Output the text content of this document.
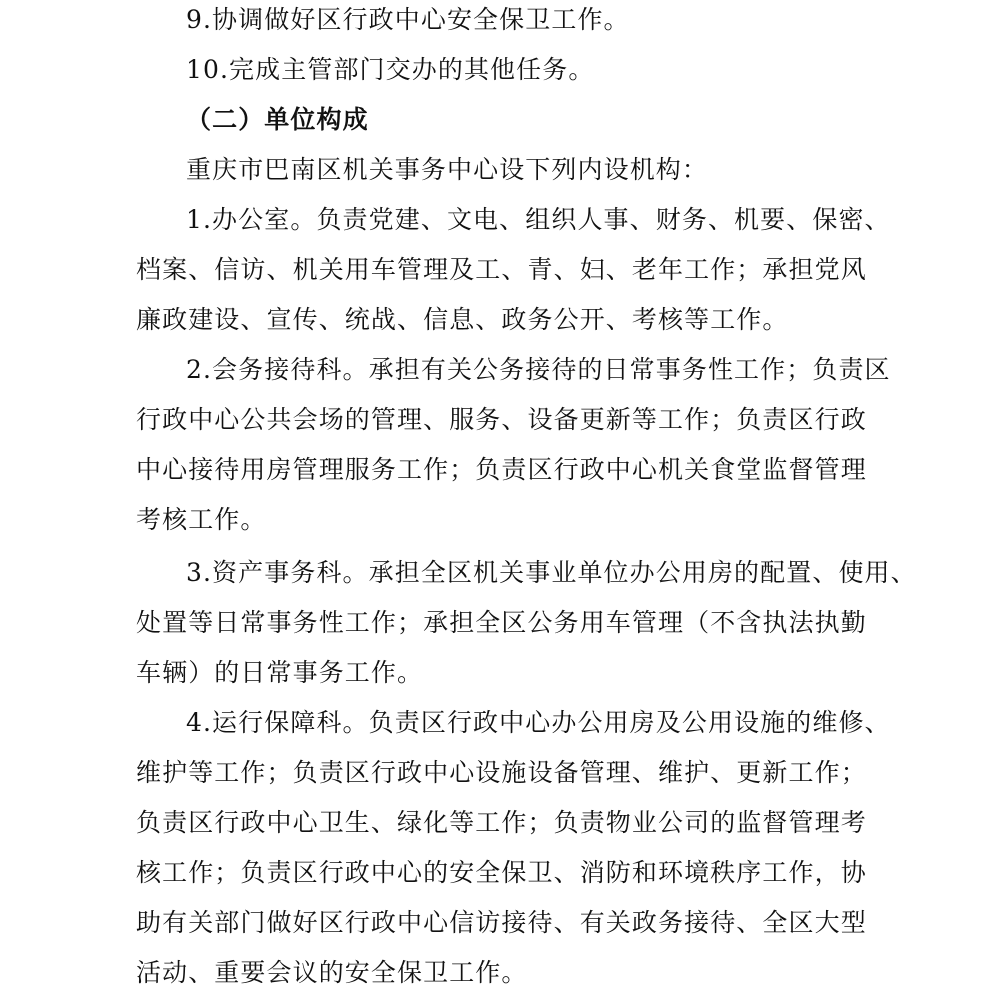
9.协调做好区行政中心安全保卫工作。

10.完成主管部门交办的其他任务。

（二）单位构成

重庆市巴南区机关事务中心设下列内设机构：

1.办公室。负责党建、文电、组织人事、财务、机要、保密、

档案、信访、机关用车管理及工、青、妇、老年工作；承担党风

廉政建设、宣传、统战、信息、政务公开、考核等工作。

2.会务接待科。承担有关公务接待的日常事务性工作；负责区

行政中心公共会场的管理、服务、设备更新等工作；负责区行政

中心接待用房管理服务工作；负责区行政中心机关食堂监督管理

考核工作。

3.资产事务科。承担全区机关事业单位办公用房的配置、使用、

处置等日常事务性工作；承担全区公务用车管理（不含执法执勤

车辆）的日常事务工作。

4.运行保障科。负责区行政中心办公用房及公用设施的维修、

维护等工作；负责区行政中心设施设备管理、维护、更新工作；

负责区行政中心卫生、绿化等工作；负责物业公司的监督管理考

核工作；负责区行政中心的安全保卫、消防和环境秩序工作，协

助有关部门做好区行政中心信访接待、有关政务接待、全区大型

活动、重要会议的安全保卫工作。
